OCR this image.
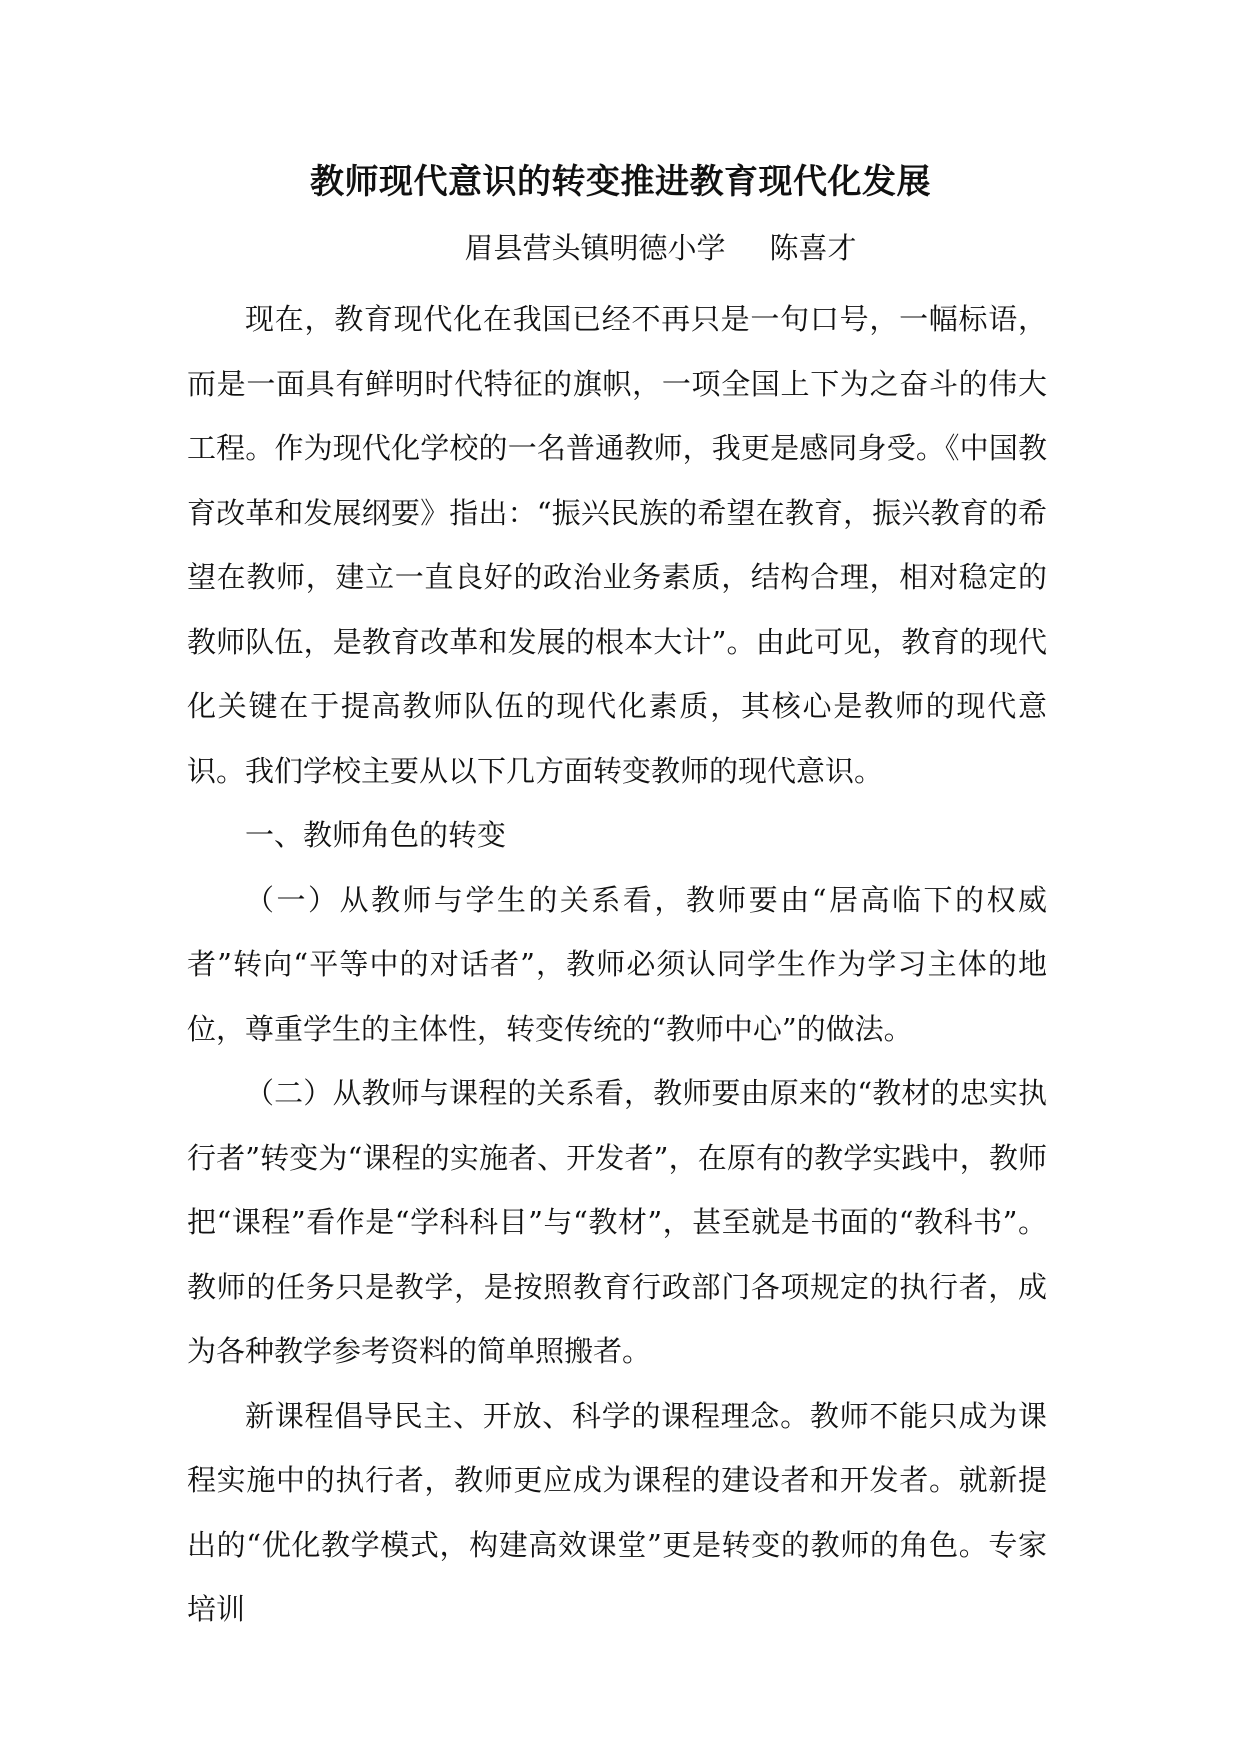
教师现代意识的转变推进教育现代化发展
眉县营头镇明德小学 陈喜才

现在，教育现代化在我国已经不再只是一句口号，一幅标语，而是一面具有鲜明时代特征的旗帜，一项全国上下为之奋斗的伟大工程。作为现代化学校的一名普通教师，我更是感同身受。《中国教育改革和发展纲要》指出：“振兴民族的希望在教育，振兴教育的希望在教师，建立一直良好的政治业务素质，结构合理，相对稳定的教师队伍，是教育改革和发展的根本大计”。由此可见，教育的现代化关键在于提高教师队伍的现代化素质，其核心是教师的现代意识。我们学校主要从以下几方面转变教师的现代意识。

一、教师角色的转变

（一）从教师与学生的关系看，教师要由“居高临下的权威者”转向“平等中的对话者”，教师必须认同学生作为学习主体的地位，尊重学生的主体性，转变传统的“教师中心”的做法。

（二）从教师与课程的关系看，教师要由原来的“教材的忠实执行者”转变为“课程的实施者、开发者”，在原有的教学实践中，教师把“课程”看作是“学科科目”与“教材”，甚至就是书面的“教科书”。教师的任务只是教学，是按照教育行政部门各项规定的执行者，成为各种教学参考资料的简单照搬者。

新课程倡导民主、开放、科学的课程理念。教师不能只成为课程实施中的执行者，教师更应成为课程的建设者和开发者。就新提出的“优化教学模式，构建高效课堂”更是转变的教师的角色。专家培训
